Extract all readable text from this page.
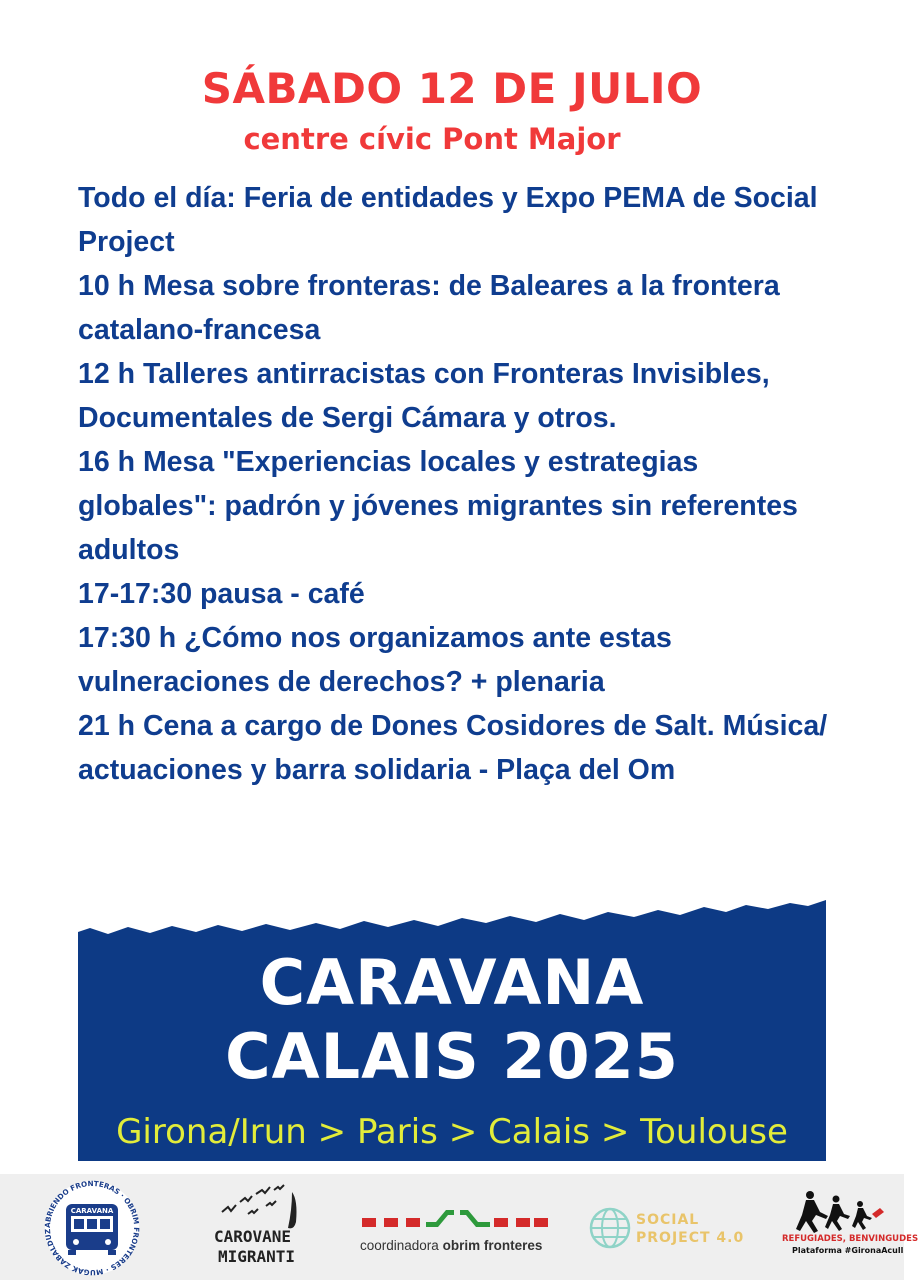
SÁBADO 12 DE JULIO
centre cívic Pont Major

Todo el día: Feria de entidades y Expo PEMA de Social Project

10 h Mesa sobre fronteras: de Baleares a la frontera catalano-francesa

12 h Talleres antirracistas con Fronteras Invisibles, Documentales de Sergi Cámara y otros.

16 h Mesa "Experiencias locales y estrategias globales": padrón y jóvenes migrantes sin referentes adultos

17-17:30 pausa - café

17:30 h ¿Cómo nos organizamos ante estas vulneraciones de derechos? + plenaria

21 h Cena a cargo de Dones Cosidores de Salt. Música/ actuaciones y barra solidaria - Plaça del Om

CARAVANA
CALAIS 2025
Girona/Irun > Paris > Calais > Toulouse
ABRIENDO FRONTERAS · OBRIM FRONTERES · MUGAK ZABALDUZ
CARAVANA
CAROVANE
MIGRANTI
coordinadora obrim fronteres
SOCIAL
PROJECT 4.0	REFUGIADES, BENVINGUDES
Plataforma #GironaAcull
